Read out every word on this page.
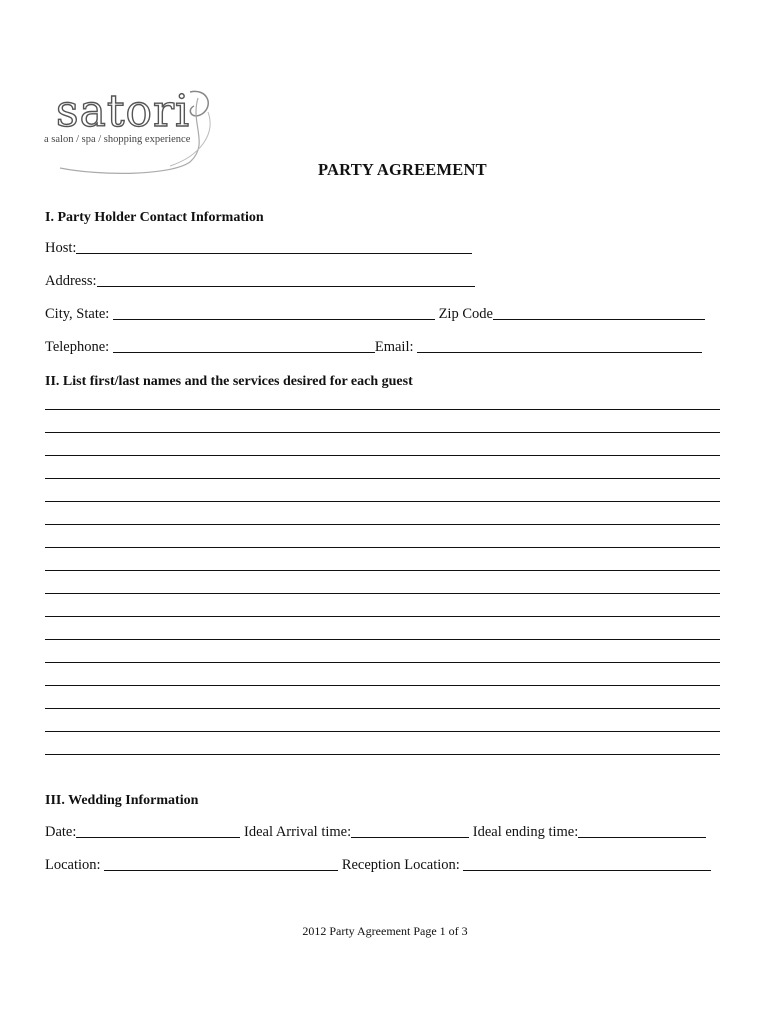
satori
a salon / spa / shopping experience
PARTY AGREEMENT
I. Party Holder Contact Information
Host:
Address:
City, State:	Zip Code
Telephone:	Email:
II. List first/last names and the services desired for each guest
III. Wedding Information
Date:	Ideal Arrival time:	Ideal ending time:
Location:	Reception Location:
2012 Party Agreement Page 1 of 3
